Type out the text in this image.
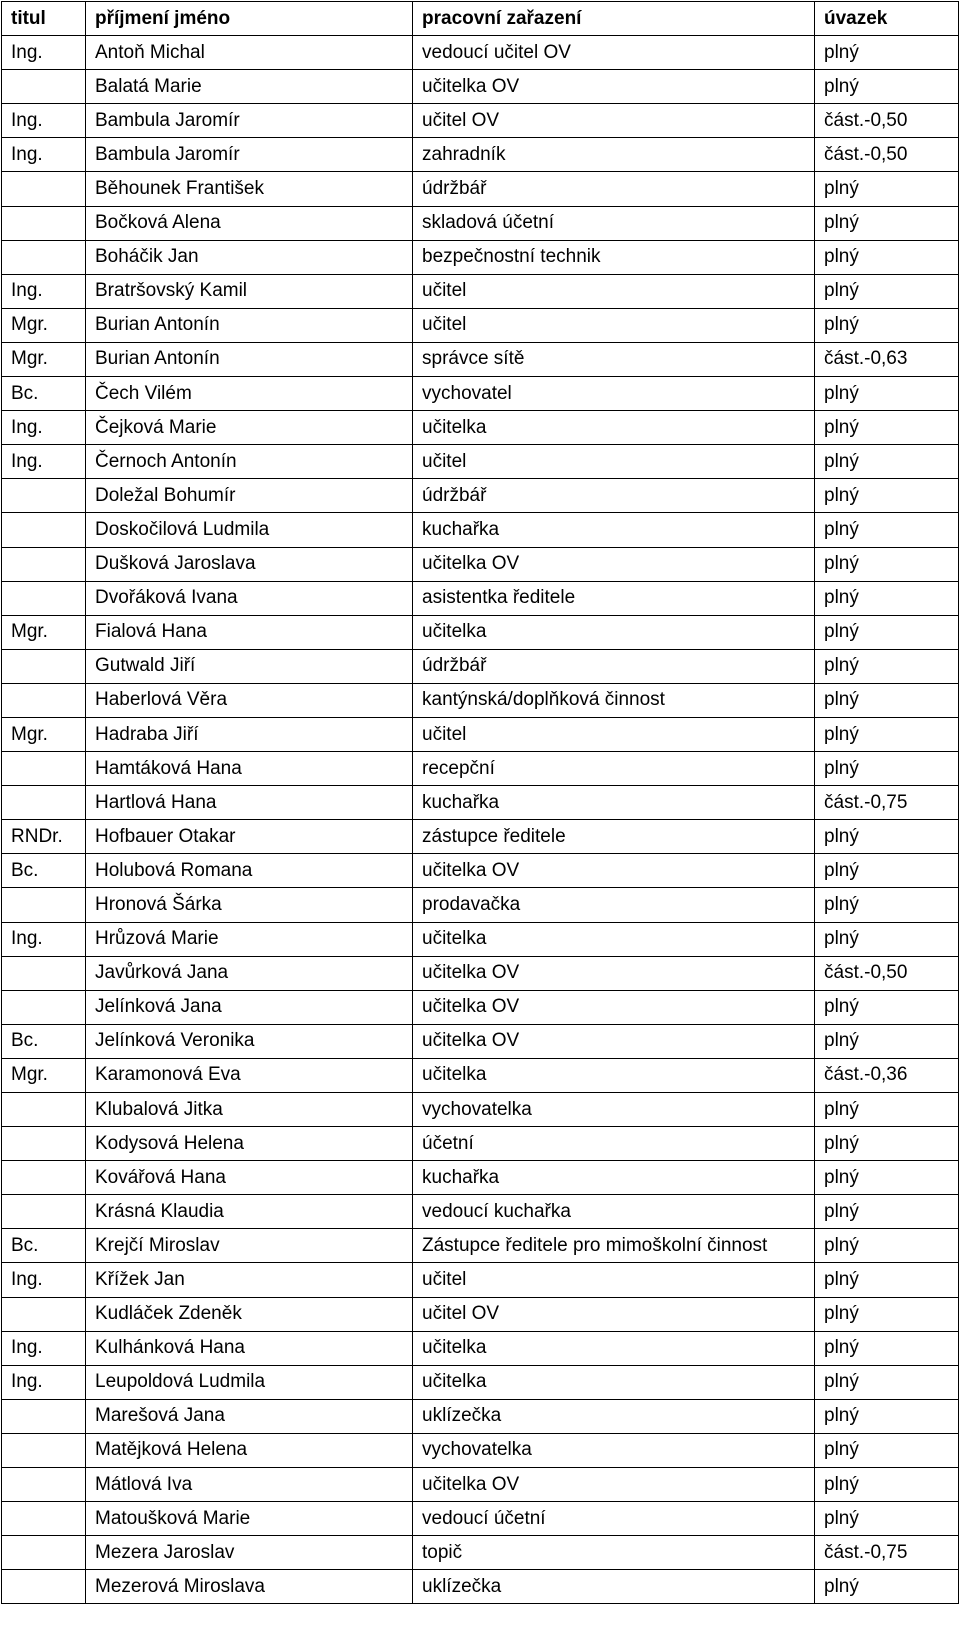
titul	příjmení jméno	pracovní zařazení	úvazek
Ing.	Antoň Michal	vedoucí učitel OV	plný
	Balatá Marie	učitelka OV	plný
Ing.	Bambula Jaromír	učitel OV	část.-0,50
Ing.	Bambula Jaromír	zahradník	část.-0,50
	Běhounek František	údržbář	plný
	Bočková Alena	skladová účetní	plný
	Boháčik Jan	bezpečnostní technik	plný
Ing.	Bratršovský Kamil	učitel	plný
Mgr.	Burian Antonín	učitel	plný
Mgr.	Burian Antonín	správce sítě	část.-0,63
Bc.	Čech Vilém	vychovatel	plný
Ing.	Čejková Marie	učitelka	plný
Ing.	Černoch Antonín	učitel	plný
	Doležal Bohumír	údržbář	plný
	Doskočilová Ludmila	kuchařka	plný
	Dušková Jaroslava	učitelka OV	plný
	Dvořáková Ivana	asistentka ředitele	plný
Mgr.	Fialová Hana	učitelka	plný
	Gutwald Jiří	údržbář	plný
	Haberlová Věra	kantýnská/doplňková činnost	plný
Mgr.	Hadraba Jiří	učitel	plný
	Hamtáková Hana	recepční	plný
	Hartlová Hana	kuchařka	část.-0,75
RNDr.	Hofbauer Otakar	zástupce ředitele	plný
Bc.	Holubová Romana	učitelka OV	plný
	Hronová Šárka	prodavačka	plný
Ing.	Hrůzová Marie	učitelka	plný
	Javůrková Jana	učitelka OV	část.-0,50
	Jelínková Jana	učitelka OV	plný
Bc.	Jelínková Veronika	učitelka OV	plný
Mgr.	Karamonová Eva	učitelka	část.-0,36
	Klubalová Jitka	vychovatelka	plný
	Kodysová Helena	účetní	plný
	Kovářová Hana	kuchařka	plný
	Krásná Klaudia	vedoucí kuchařka	plný
Bc.	Krejčí Miroslav	Zástupce ředitele pro mimoškolní činnost	plný
Ing.	Křížek Jan	učitel	plný
	Kudláček Zdeněk	učitel OV	plný
Ing.	Kulhánková Hana	učitelka	plný
Ing.	Leupoldová Ludmila	učitelka	plný
	Marešová Jana	uklízečka	plný
	Matějková Helena	vychovatelka	plný
	Mátlová Iva	učitelka OV	plný
	Matoušková Marie	vedoucí účetní	plný
	Mezera Jaroslav	topič	část.-0,75
	Mezerová Miroslava	uklízečka	plný
